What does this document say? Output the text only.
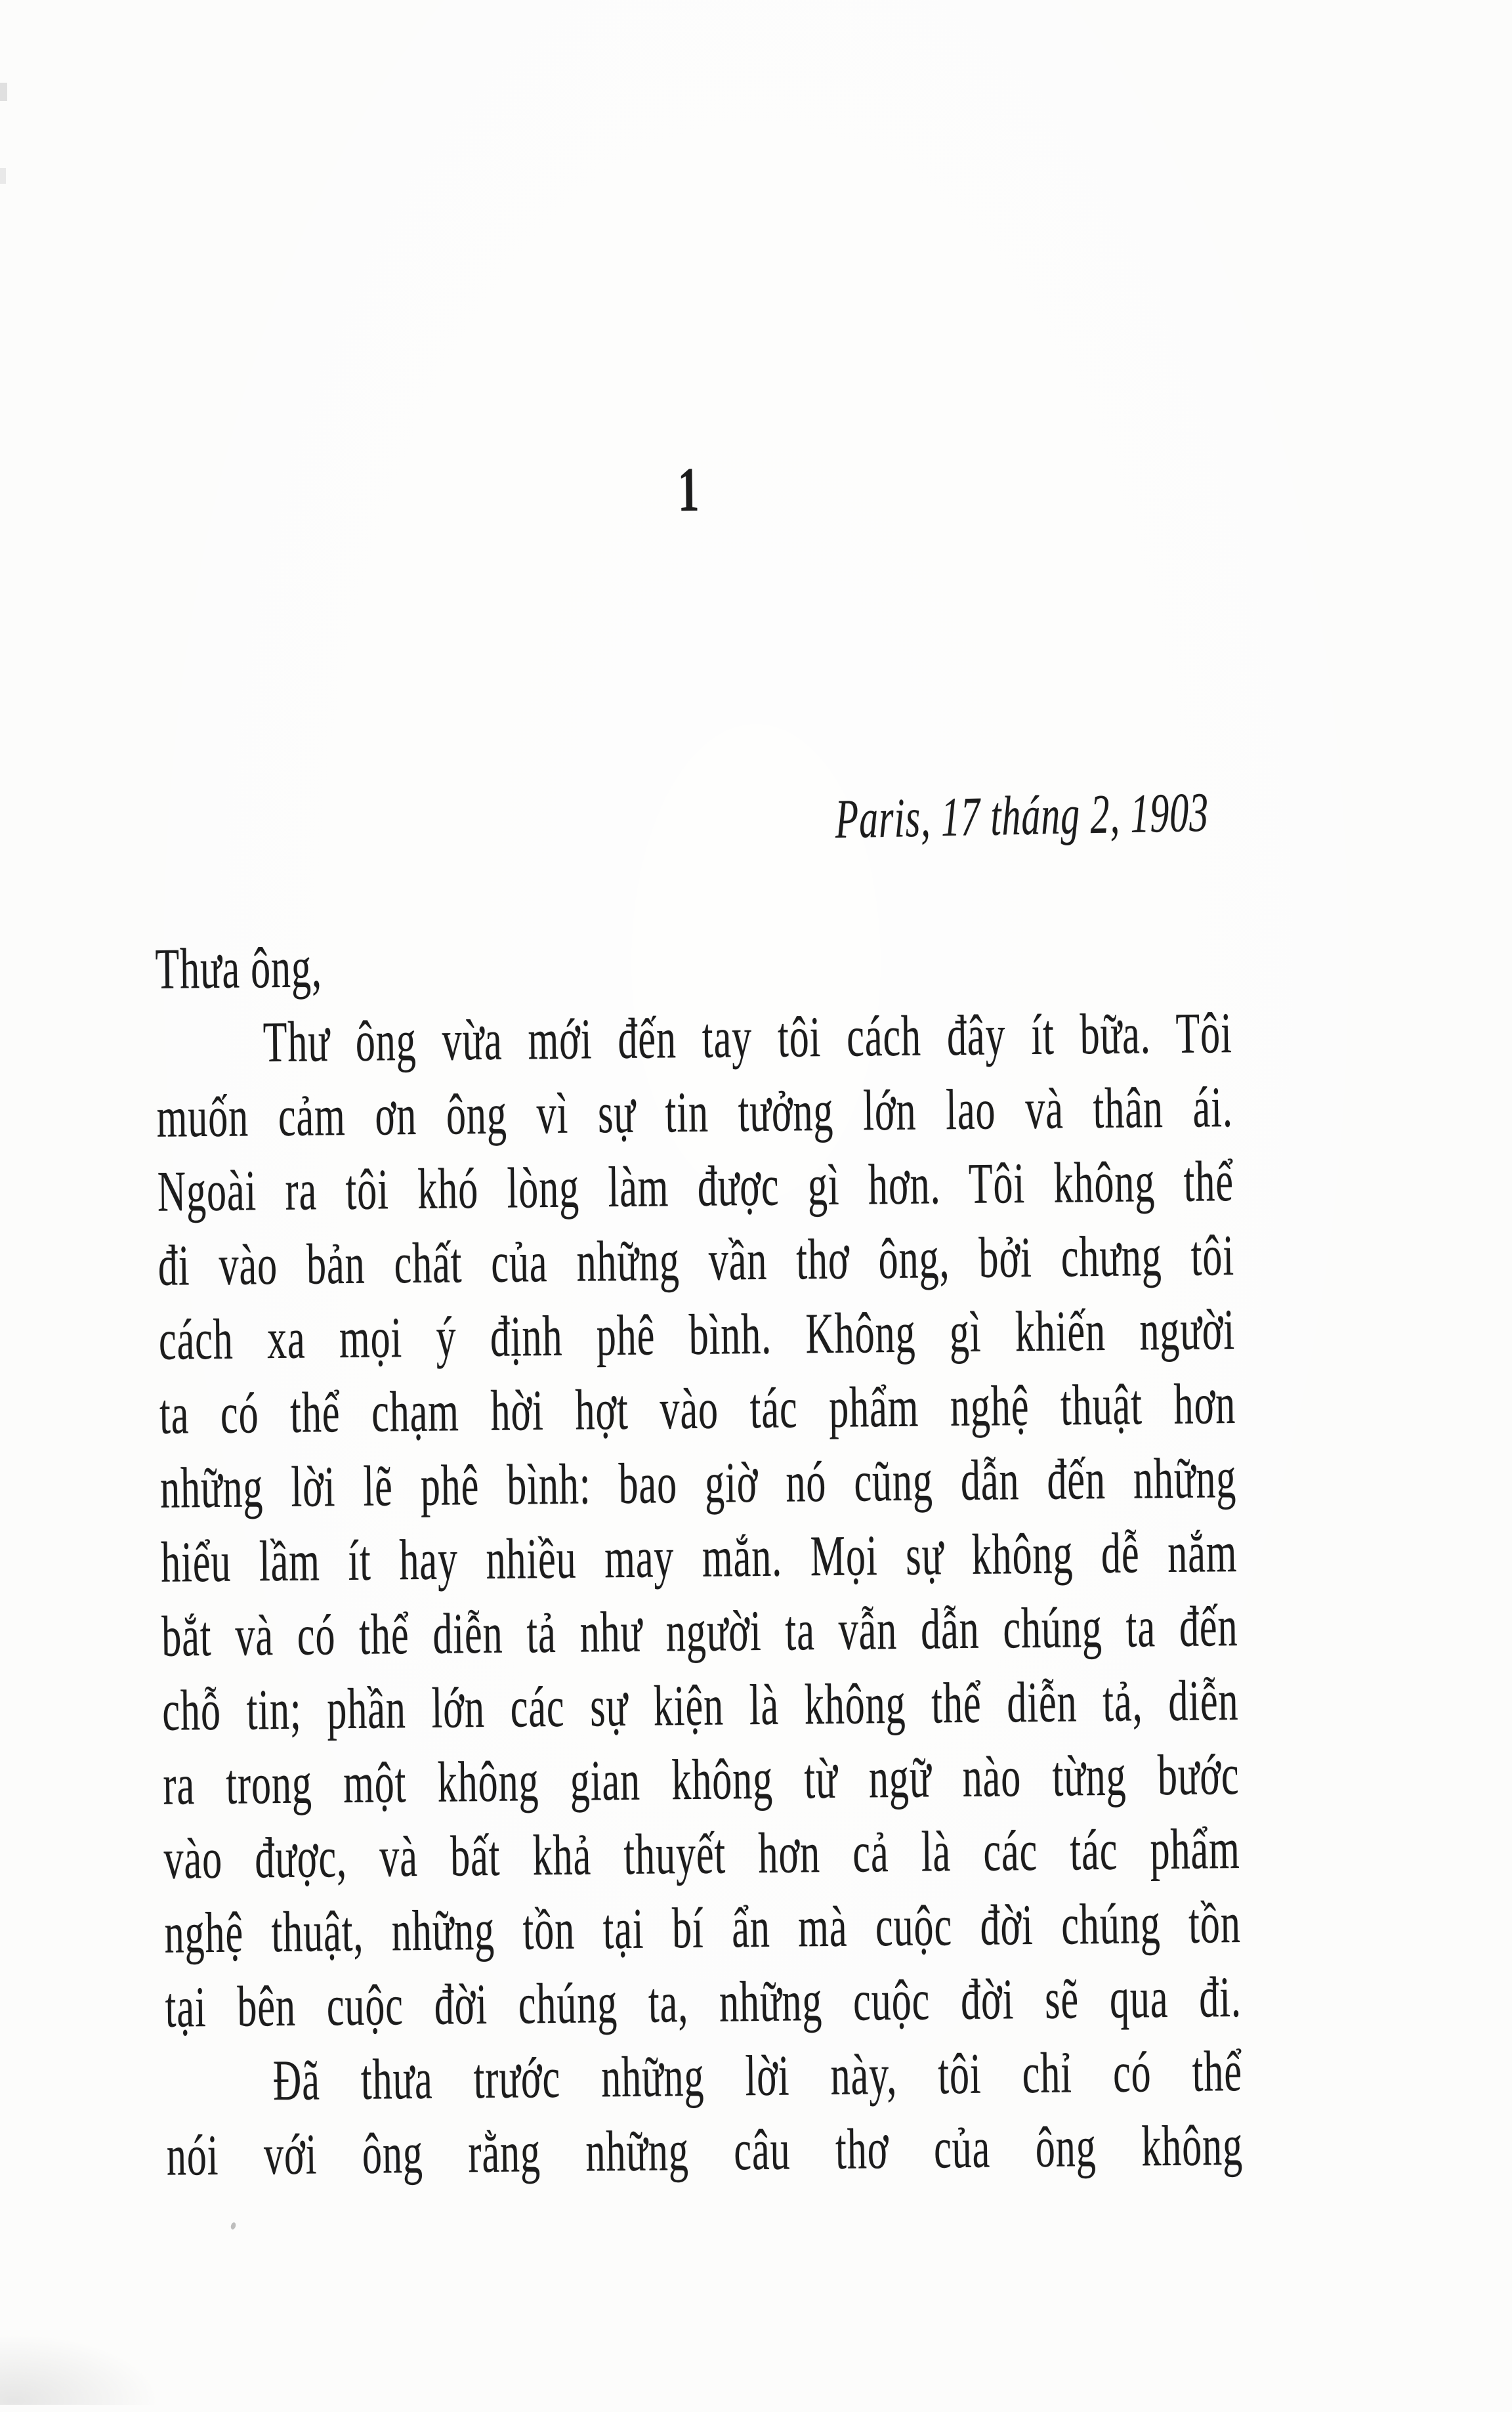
1
Paris, 17 tháng 2, 1903
Thưa ông,
Thư ông vừa mới đến tay tôi cách đây ít bữa. Tôi
muốn cảm ơn ông vì sự tin tưởng lớn lao và thân ái.
Ngoài ra tôi khó lòng làm được gì hơn. Tôi không thể
đi vào bản chất của những vần thơ ông, bởi chưng tôi
cách xa mọi ý định phê bình. Không gì khiến người
ta có thể chạm hời hợt vào tác phẩm nghệ thuật hơn
những lời lẽ phê bình: bao giờ nó cũng dẫn đến những
hiểu lầm ít hay nhiều may mắn. Mọi sự không dễ nắm
bắt và có thể diễn tả như người ta vẫn dẫn chúng ta đến
chỗ tin; phần lớn các sự kiện là không thể diễn tả, diễn
ra trong một không gian không từ ngữ nào từng bước
vào được, và bất khả thuyết hơn cả là các tác phẩm
nghệ thuật, những tồn tại bí ẩn mà cuộc đời chúng tồn
tại bên cuộc đời chúng ta, những cuộc đời sẽ qua đi.
Đã thưa trước những lời này, tôi chỉ có thể
nói với ông rằng những câu thơ của ông không
